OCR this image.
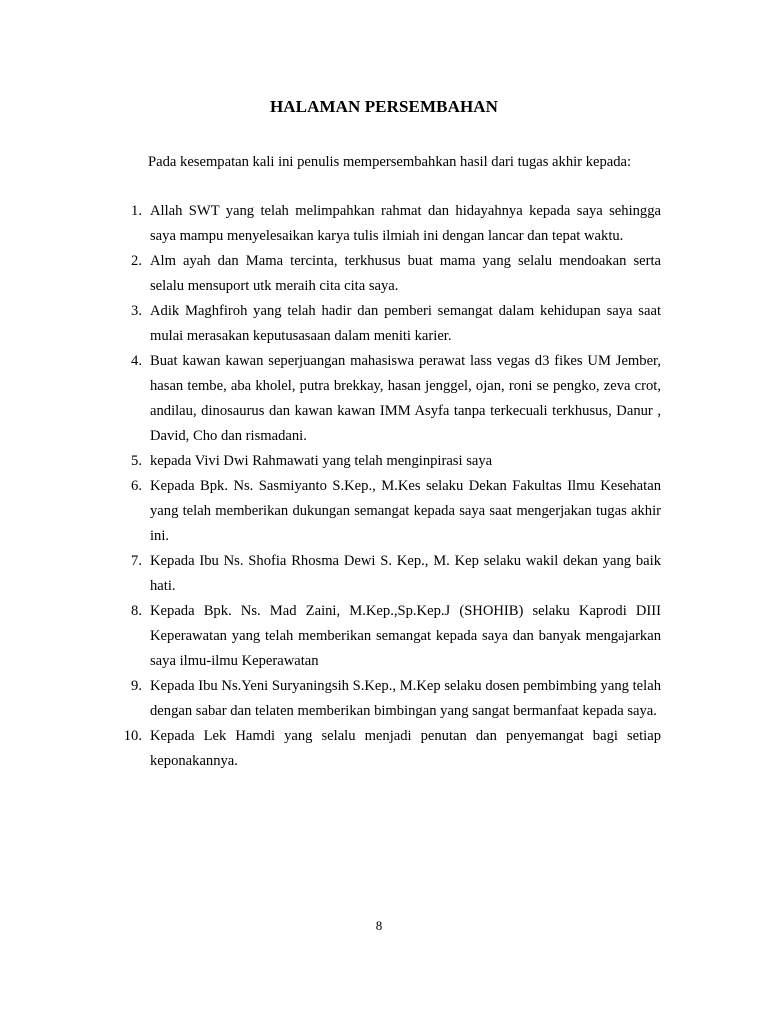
HALAMAN PERSEMBAHAN

Pada kesempatan kali ini penulis mempersembahkan hasil dari tugas akhir kepada:

1. Allah SWT yang telah melimpahkan rahmat dan hidayahnya kepada saya sehingga saya mampu menyelesaikan karya tulis ilmiah ini dengan lancar dan tepat waktu.
2. Alm ayah dan Mama tercinta, terkhusus buat mama yang selalu mendoakan serta selalu mensuport utk meraih cita cita saya.
3. Adik Maghfiroh yang telah hadir dan pemberi semangat dalam kehidupan saya saat mulai merasakan keputusasaan dalam meniti karier.
4. Buat kawan kawan seperjuangan mahasiswa perawat lass vegas d3 fikes UM Jember, hasan tembe, aba kholel, putra brekkay, hasan jenggel, ojan, roni se pengko, zeva crot, andilau, dinosaurus dan kawan kawan IMM Asyfa tanpa terkecuali terkhusus, Danur , David, Cho dan rismadani.
5. kepada Vivi Dwi Rahmawati yang telah menginpirasi saya
6. Kepada Bpk. Ns. Sasmiyanto S.Kep., M.Kes selaku Dekan Fakultas Ilmu Kesehatan yang telah memberikan dukungan semangat kepada saya saat mengerjakan tugas akhir ini.
7. Kepada Ibu Ns. Shofia Rhosma Dewi S. Kep., M. Kep selaku wakil dekan yang baik hati.
8. Kepada Bpk. Ns. Mad Zaini, M.Kep.,Sp.Kep.J (SHOHIB) selaku Kaprodi DIII Keperawatan yang telah memberikan semangat kepada saya dan banyak mengajarkan saya ilmu-ilmu Keperawatan
9. Kepada Ibu Ns.Yeni Suryaningsih S.Kep., M.Kep selaku dosen pembimbing yang telah dengan sabar dan telaten memberikan bimbingan yang sangat bermanfaat kepada saya.
10. Kepada Lek Hamdi yang selalu menjadi penutan dan penyemangat bagi setiap keponakannya.
8
